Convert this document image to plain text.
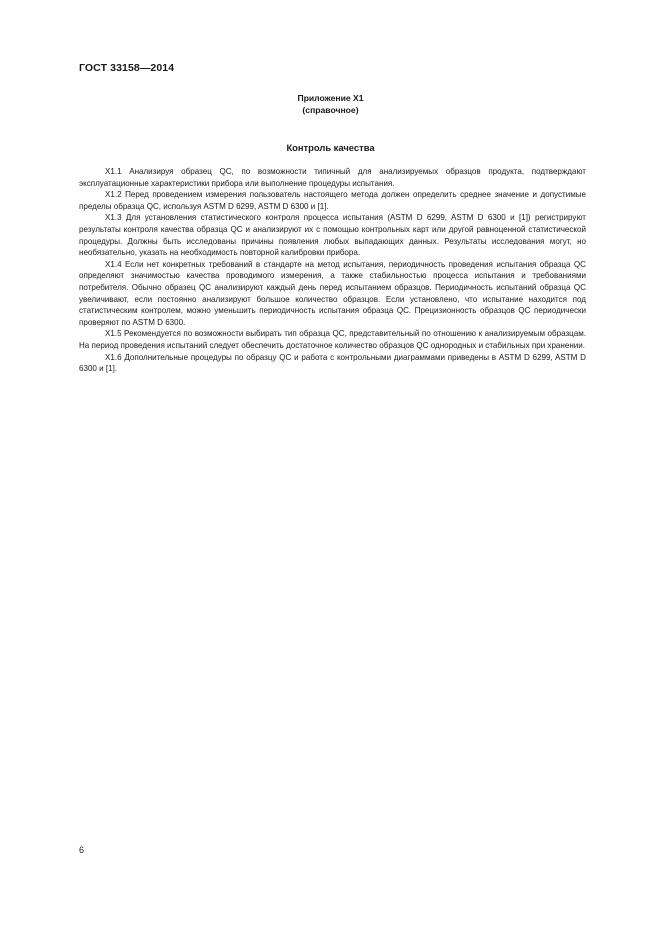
ГОСТ 33158—2014
Приложение Х1
(справочное)
Контроль качества

Х1.1 Анализируя образец QC, по возможности типичный для анализируемых образцов продукта, подтверждают эксплуатационные характеристики прибора или выполнение процедуры испытания.

Х1.2 Перед проведением измерения пользователь настоящего метода должен определить среднее значение и допустимые пределы образца QC, используя ASTM D 6299, ASTM D 6300 и [1].

Х1.3 Для установления статистического контроля процесса испытания (ASTM D 6299, ASTM D 6300 и [1]) регистрируют результаты контроля качества образца QC и анализируют их с помощью контрольных карт или другой равноценной статистической процедуры. Должны быть исследованы причины появления любых выпадающих данных. Результаты исследования могут, но необязательно, указать на необходимость повторной калибровки прибора.

Х1.4 Если нет конкретных требований в стандарте на метод испытания, периодичность проведения испытания образца QC определяют значимостью качества проводимого измерения, а также стабильностью процесса испытания и требованиями потребителя. Обычно образец QC анализируют каждый день перед испытанием образцов. Периодичность испытаний образца QC увеличивают, если постоянно анализируют большое количество образцов. Если установлено, что испытание находится под статистическим контролем, можно уменьшить периодичность испытания образца QC. Прецизионность образцов QC периодически проверяют по ASTM D 6300.

Х1.5 Рекомендуется по возможности выбирать тип образца QC, представительный по отношению к анализируемым образцам. На период проведения испытаний следует обеспечить достаточное количество образцов QC однородных и стабильных при хранении.

Х1.6 Дополнительные процедуры по образцу QC и работа с контрольными диаграммами приведены в ASTM D 6299, ASTM D 6300 и [1].

6
